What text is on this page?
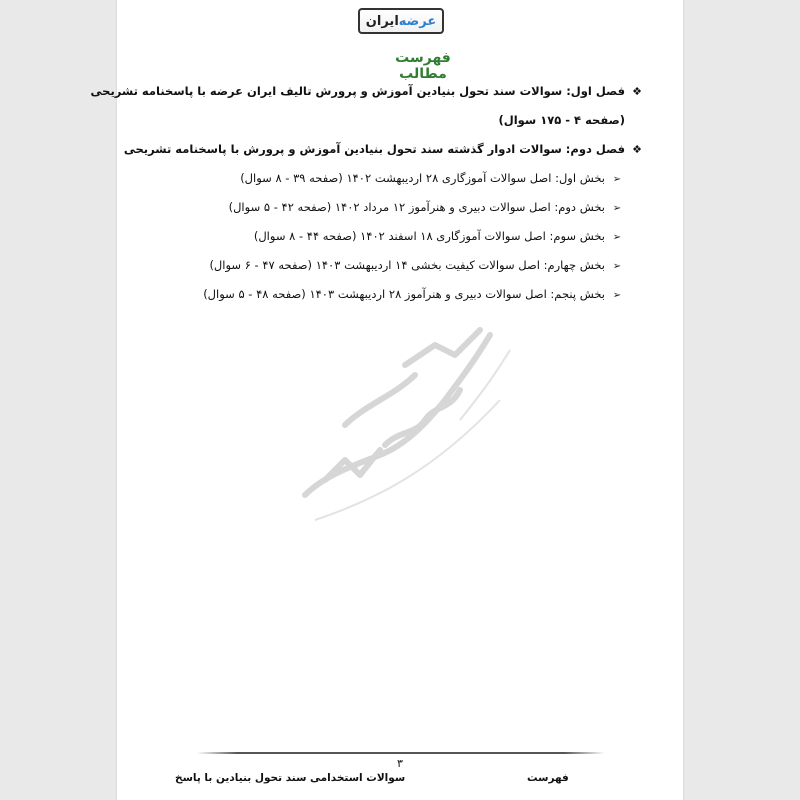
ایران عرضه
فهرست مطالب
❖فصل اول: سوالات سند تحول بنیادین آموزش و پرورش تالیف ایران عرضه با پاسخنامه تشریحی
(صفحه ۴ - ۱۷۵ سوال)
❖فصل دوم: سوالات ادوار گذشته سند تحول بنیادین آموزش و پرورش با پاسخنامه تشریحی
➢بخش اول: اصل سوالات آموزگاری ۲۸ اردیبهشت ۱۴۰۲ (صفحه ۳۹ - ۸ سوال)
➢بخش دوم: اصل سوالات دبیری و هنرآموز ۱۲ مرداد ۱۴۰۲ (صفحه ۴۲ - ۵ سوال)
➢بخش سوم: اصل سوالات آموزگاری ۱۸ اسفند ۱۴۰۲ (صفحه ۴۴ - ۸ سوال)
➢بخش چهارم: اصل سوالات کیفیت بخشی ۱۴ اردیبهشت ۱۴۰۳ (صفحه ۴۷ - ۶ سوال)
➢بخش پنجم: اصل سوالات دبیری و هنرآموز ۲۸ اردیبهشت ۱۴۰۳ (صفحه ۴۸ - ۵ سوال)
۳
فهرست
سوالات استخدامی سند تحول بنیادین با پاسخ
